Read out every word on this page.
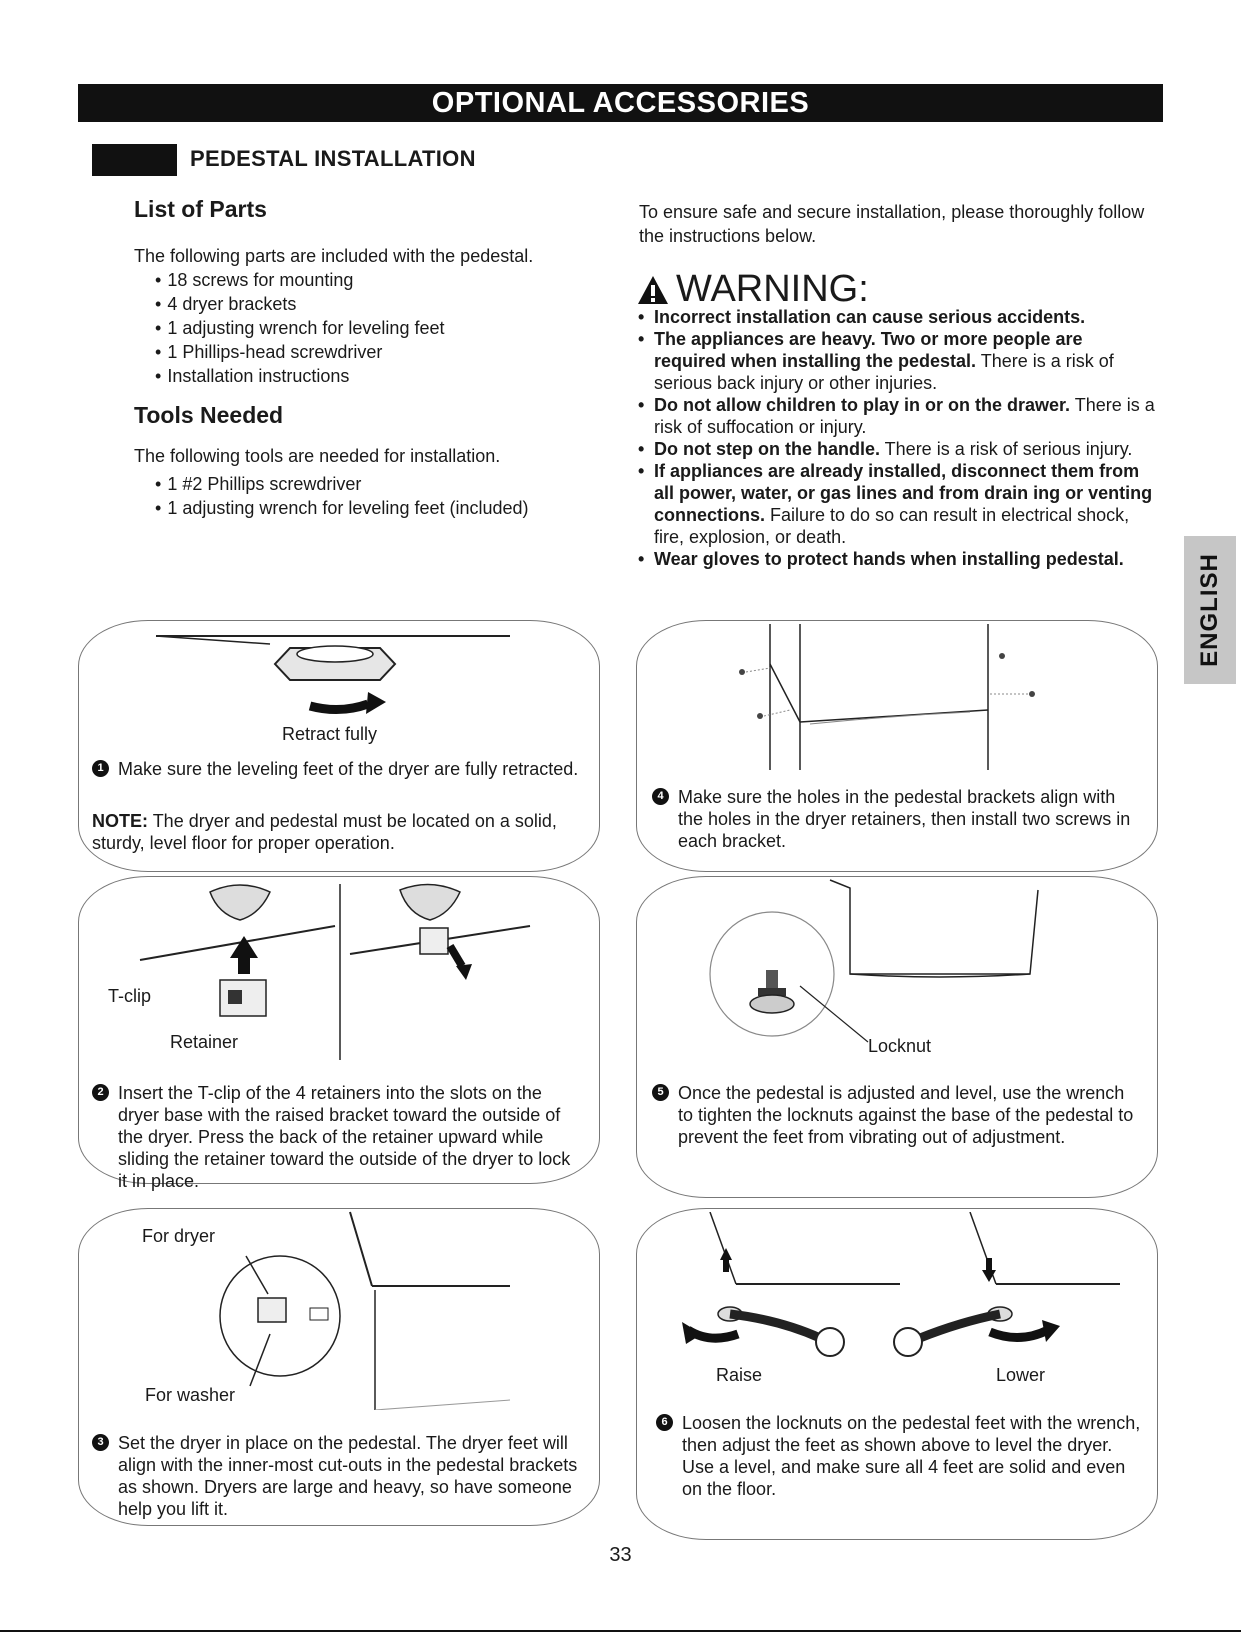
OPTIONAL ACCESSORIES
PEDESTAL INSTALLATION
List of Parts
The following parts are included with the pedestal.
• 18 screws for mounting
• 4 dryer brackets
• 1 adjusting wrench for leveling feet
• 1 Phillips-head screwdriver
• Installation instructions
Tools Needed
The following tools are needed for installation.
• 1 #2 Phillips screwdriver
• 1 adjusting wrench for leveling feet (included)
To ensure safe and secure installation, please thoroughly follow the instructions below.
WARNING:
• Incorrect installation can cause serious accidents.
• The appliances are heavy. Two or more people are required when installing the pedestal. There is a risk of serious back injury or other injuries.
• Do not allow children to play in or on the drawer. There is a risk of suffocation or injury.
• Do not step on the handle. There is a risk of serious injury.
• If appliances are already installed, disconnect them from all power, water, or gas lines and from drain ing or venting connections. Failure to do so can result in electrical shock, fire, explosion, or death.
• Wear gloves to protect hands when installing pedestal.
Retract fully
1 Make sure the leveling feet of the dryer are fully retracted.
NOTE: The dryer and pedestal must be located on a solid, sturdy, level floor for proper operation.
T-clip
Retainer
2 Insert the T-clip of the 4 retainers into the slots on the dryer base with the raised bracket toward the outside of the dryer. Press the back of the retainer upward while sliding the retainer toward the outside of the dryer to lock it in place.
For dryer
For washer
3 Set the dryer in place on the pedestal. The dryer feet will align with the inner-most cut-outs in the pedestal brackets as shown. Dryers are large and heavy, so have someone help you lift it.
4 Make sure the holes in the pedestal brackets align with the holes in the dryer retainers, then install two screws in each bracket.
Locknut
5 Once the pedestal is adjusted and level, use the wrench to tighten the locknuts against the base of the pedestal to prevent the feet from vibrating out of adjustment.
Raise	Lower
6 Loosen the locknuts on the pedestal feet with the wrench, then adjust the feet as shown above to level the dryer. Use a level, and make sure all 4 feet are solid and even on the floor.
ENGLISH
33
